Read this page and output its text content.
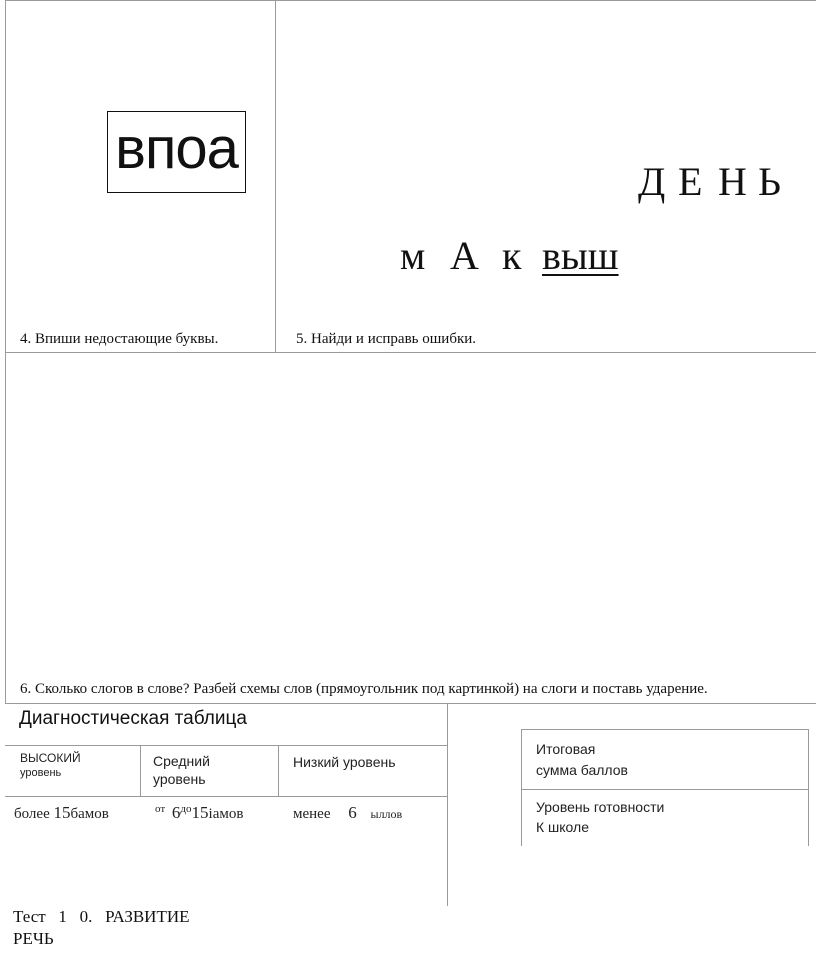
впоа
4. Впиши недостающие буквы.
Д Е Н Ь
м А к выш
5. Найди и исправь ошибки.
6. Сколько слогов в слове? Разбей схемы слов (прямоугольник под картинкой) на слоги и поставь ударение.
Диагностическая таблица
ВЫСОКИЙ
уровень
Средний
уровень
Низкий уровень
более 15бамов	$^{от}$ $6^{до}15іамов$	менее 6 ыллов
Итоговая
сумма баллов
Уровень готовности
К школе
Тест   1   0.   РАЗВИТИЕ
РЕЧЬ
